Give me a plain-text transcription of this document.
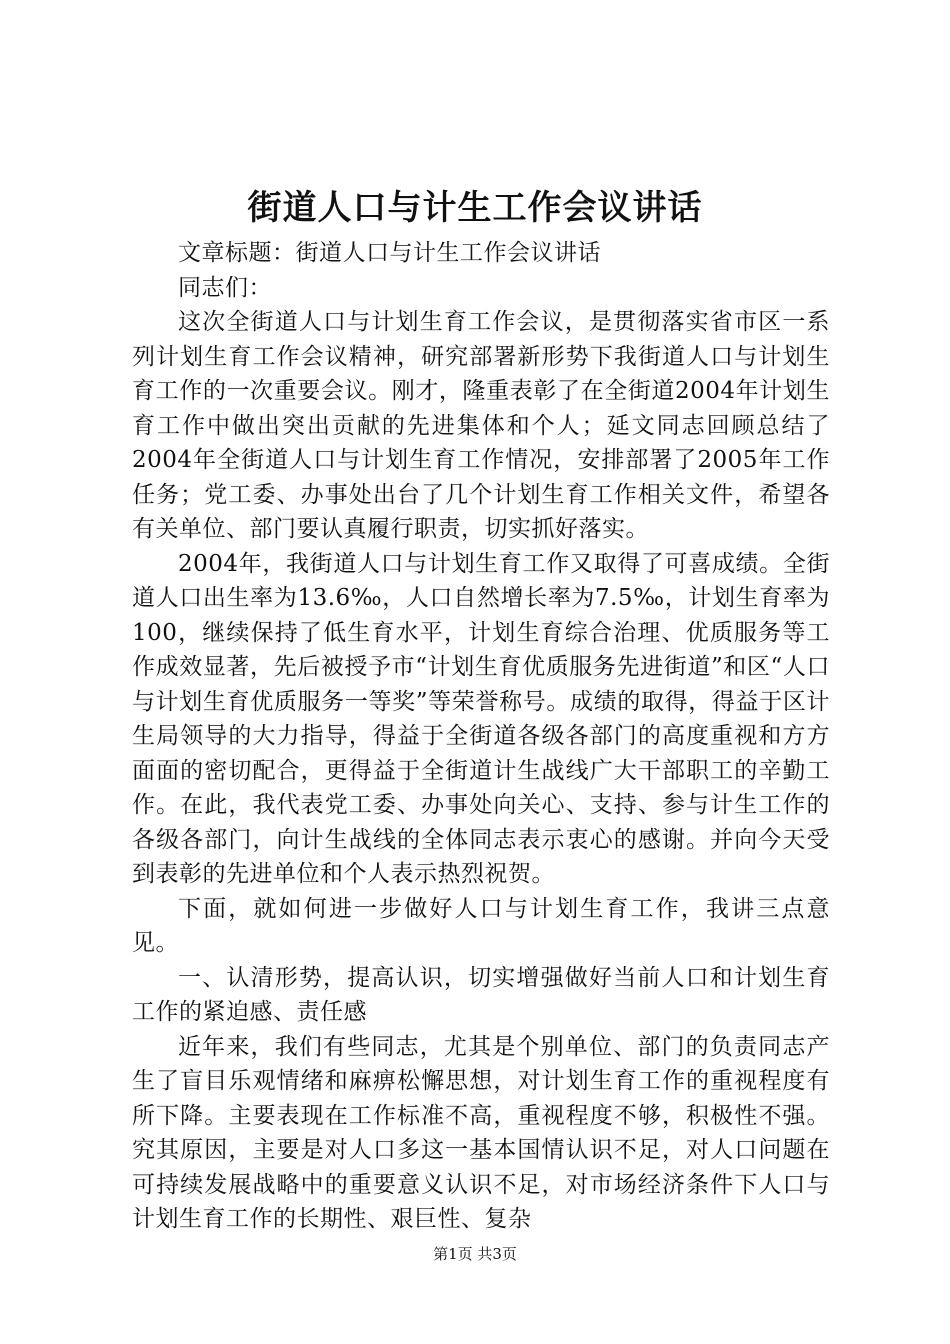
街道人口与计生工作会议讲话

文章标题：街道人口与计生工作会议讲话

同志们：

这次全街道人口与计划生育工作会议，是贯彻落实省市区一系列计划生育工作会议精神，研究部署新形势下我街道人口与计划生育工作的一次重要会议。刚才，隆重表彰了在全街道2004年计划生育工作中做出突出贡献的先进集体和个人；延文同志回顾总结了2004年全街道人口与计划生育工作情况，安排部署了2005年工作任务；党工委、办事处出台了几个计划生育工作相关文件，希望各有关单位、部门要认真履行职责，切实抓好落实。

2004年，我街道人口与计划生育工作又取得了可喜成绩。全街道人口出生率为13.6‰，人口自然增长率为7.5‰，计划生育率为100，继续保持了低生育水平，计划生育综合治理、优质服务等工作成效显著，先后被授予市“计划生育优质服务先进街道”和区“人口与计划生育优质服务一等奖”等荣誉称号。成绩的取得，得益于区计生局领导的大力指导，得益于全街道各级各部门的高度重视和方方面面的密切配合，更得益于全街道计生战线广大干部职工的辛勤工作。在此，我代表党工委、办事处向关心、支持、参与计生工作的各级各部门，向计生战线的全体同志表示衷心的感谢。并向今天受到表彰的先进单位和个人表示热烈祝贺。

下面，就如何进一步做好人口与计划生育工作，我讲三点意见。

一、认清形势，提高认识，切实增强做好当前人口和计划生育工作的紧迫感、责任感

近年来，我们有些同志，尤其是个别单位、部门的负责同志产生了盲目乐观情绪和麻痹松懈思想，对计划生育工作的重视程度有所下降。主要表现在工作标准不高，重视程度不够，积极性不强。究其原因，主要是对人口多这一基本国情认识不足，对人口问题在可持续发展战略中的重要意义认识不足，对市场经济条件下人口与计划生育工作的长期性、艰巨性、复杂

第1页 共3页
